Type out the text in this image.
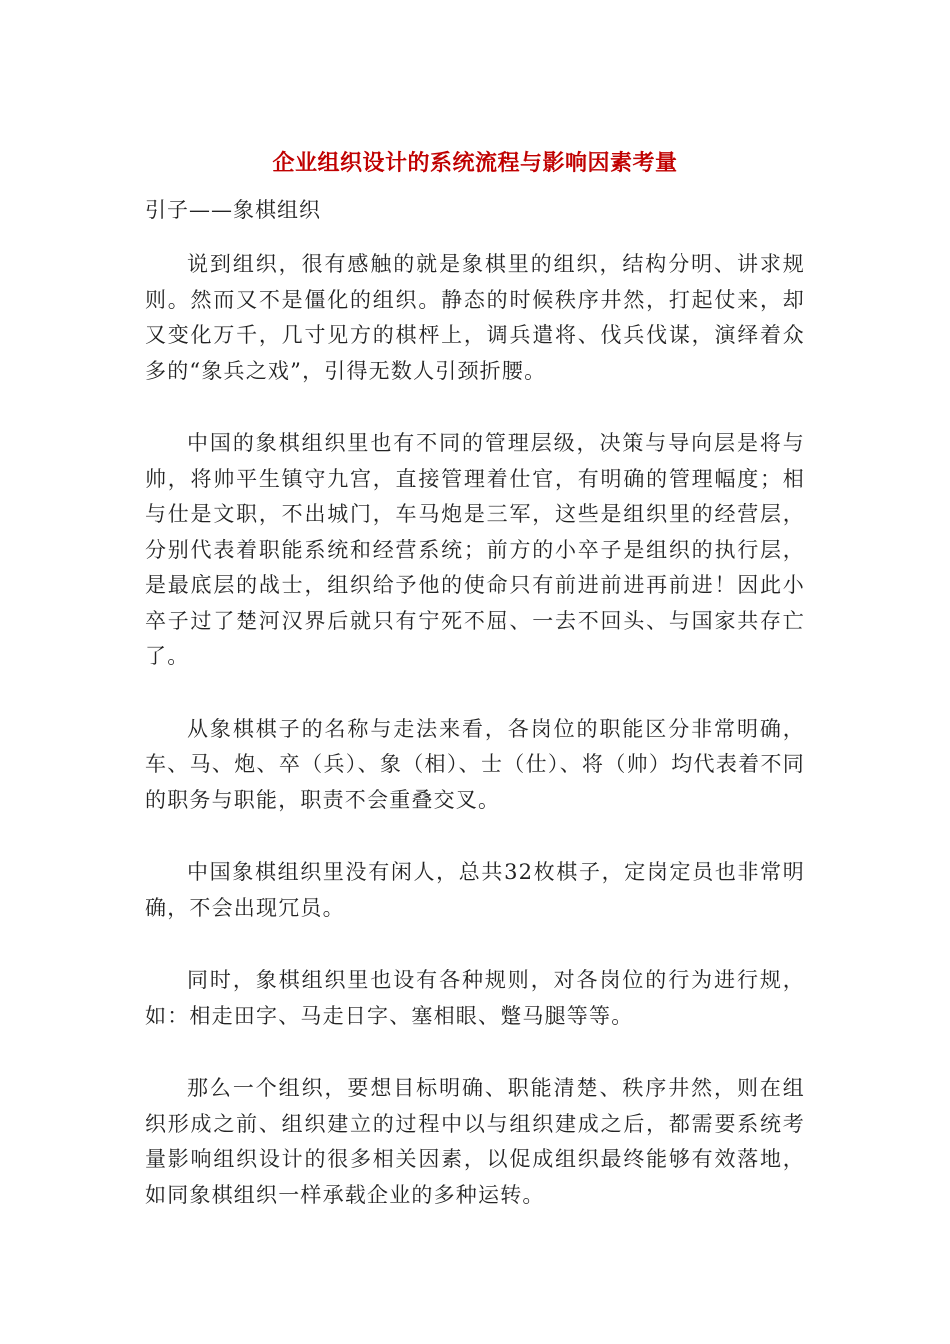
企业组织设计的系统流程与影响因素考量

引子——象棋组织

说到组织，很有感触的就是象棋里的组织，结构分明、讲求规则。然而又不是僵化的组织。静态的时候秩序井然，打起仗来，却又变化万千，几寸见方的棋枰上，调兵遣将、伐兵伐谋，演绎着众多的“象兵之戏”，引得无数人引颈折腰。

中国的象棋组织里也有不同的管理层级，决策与导向层是将与帅，将帅平生镇守九宫，直接管理着仕官，有明确的管理幅度；相与仕是文职，不出城门，车马炮是三军，这些是组织里的经营层，分别代表着职能系统和经营系统；前方的小卒子是组织的执行层，是最底层的战士，组织给予他的使命只有前进前进再前进！因此小卒子过了楚河汉界后就只有宁死不屈、一去不回头、与国家共存亡了。

从象棋棋子的名称与走法来看，各岗位的职能区分非常明确，车、马、炮、卒（兵）、象（相）、士（仕）、将（帅）均代表着不同的职务与职能，职责不会重叠交叉。

中国象棋组织里没有闲人，总共32枚棋子，定岗定员也非常明确，不会出现冗员。

同时，象棋组织里也设有各种规则，对各岗位的行为进行规，如：相走田字、马走日字、塞相眼、蹩马腿等等。

那么一个组织，要想目标明确、职能清楚、秩序井然，则在组织形成之前、组织建立的过程中以与组织建成之后，都需要系统考量影响组织设计的很多相关因素，以促成组织最终能够有效落地，如同象棋组织一样承载企业的多种运转。
